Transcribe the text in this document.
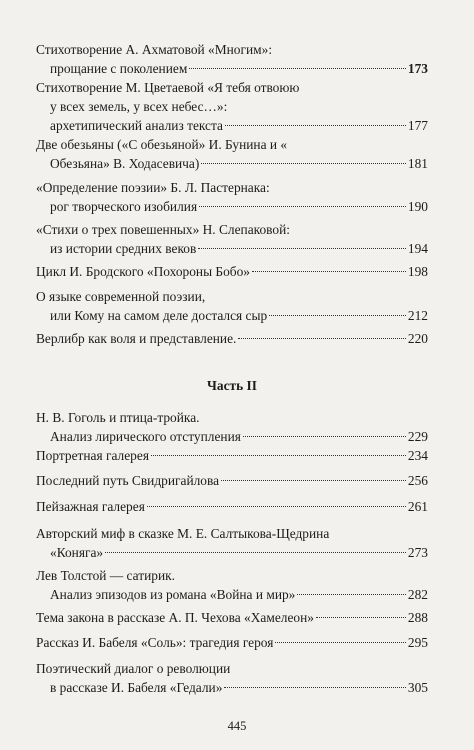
Стихотворение А. Ахматовой «Многим»:
прощание с поколением	173
Стихотворение М. Цветаевой «Я тебя отвоюю
у всех земель, у всех небес…»:
архетипический анализ текста	177
Две обезьяны («С обезьяной» И. Бунина и «
Обезьяна» В. Ходасевича)	181
«Определение поэзии» Б. Л. Пастернака:
рог творческого изобилия	190
«Стихи о трех повешенных» Н. Слепаковой:
из истории средних веков	194
Цикл И. Бродского «Похороны Бобо»	198
О языке современной поэзии,
или Кому на самом деле достался сыр	212
Верлибр как воля и представление.	220
Часть II
Н. В. Гоголь и птица-тройка.
Анализ лирического отступления	229
Портретная галерея	234
Последний путь Свидригайлова	256
Пейзажная галерея	261
Авторский миф в сказке М. Е. Салтыкова-Щедрина
«Коняга»	273
Лев Толстой — сатирик.
Анализ эпизодов из романа «Война и мир»	282
Тема закона в рассказе А. П. Чехова «Хамелеон»	288
Рассказ И. Бабеля «Соль»: трагедия героя	295
Поэтический диалог о революции
в рассказе И. Бабеля «Гедали»	305
445
